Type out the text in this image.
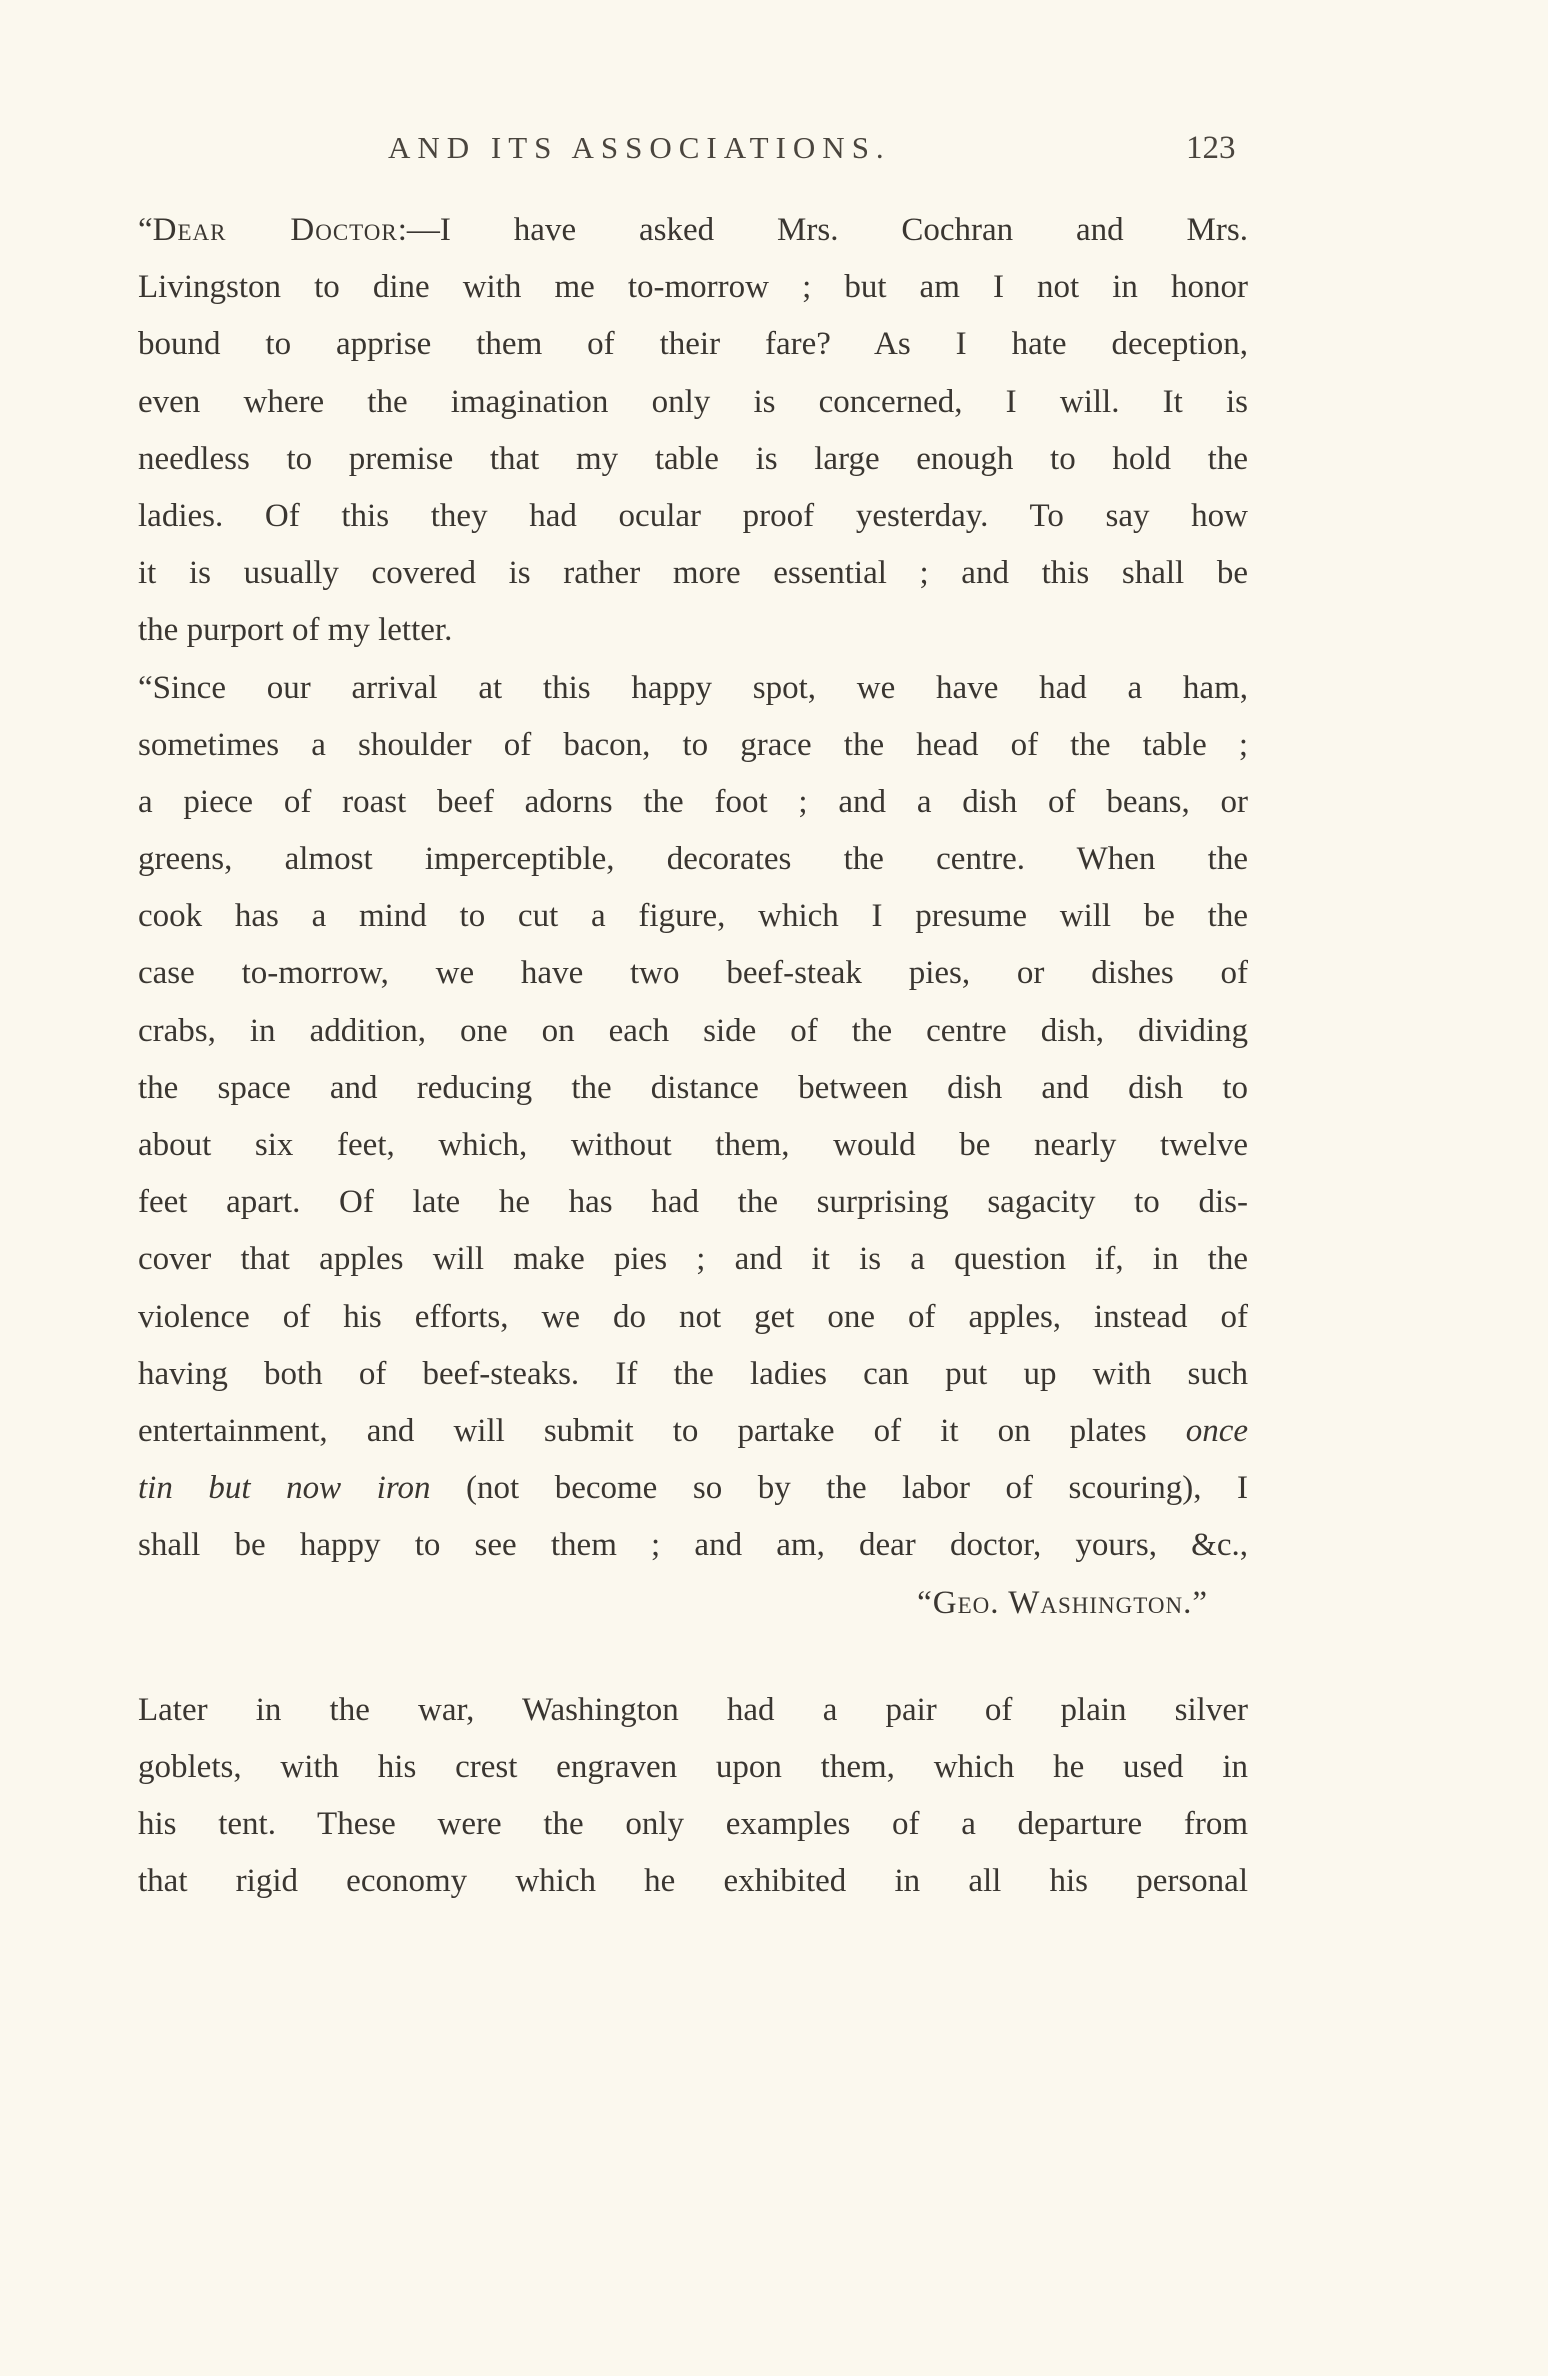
AND ITS ASSOCIATIONS.	123
“Dear Doctor:—I have asked Mrs. Cochran and Mrs.
Livingston to dine with me to-morrow ; but am I not in honor
bound to apprise them of their fare? As I hate deception,
even where the imagination only is concerned, I will. It is
needless to premise that my table is large enough to hold the
ladies. Of this they had ocular proof yesterday. To say how
it is usually covered is rather more essential ; and this shall be
the purport of my letter.
“Since our arrival at this happy spot, we have had a ham,
sometimes a shoulder of bacon, to grace the head of the table ;
a piece of roast beef adorns the foot ; and a dish of beans, or
greens, almost imperceptible, decorates the centre. When the
cook has a mind to cut a figure, which I presume will be the
case to-morrow, we have two beef-steak pies, or dishes of
crabs, in addition, one on each side of the centre dish, dividing
the space and reducing the distance between dish and dish to
about six feet, which, without them, would be nearly twelve
feet apart. Of late he has had the surprising sagacity to dis-
cover that apples will make pies ; and it is a question if, in the
violence of his efforts, we do not get one of apples, instead of
having both of beef-steaks. If the ladies can put up with such
entertainment, and will submit to partake of it on plates once
tin but now iron (not become so by the labor of scouring), I
shall be happy to see them ; and am, dear doctor, yours, &c.,
“Geo. Washington.”
Later in the war, Washington had a pair of plain silver
goblets, with his crest engraven upon them, which he used in
his tent. These were the only examples of a departure from
that rigid economy which he exhibited in all his personal
